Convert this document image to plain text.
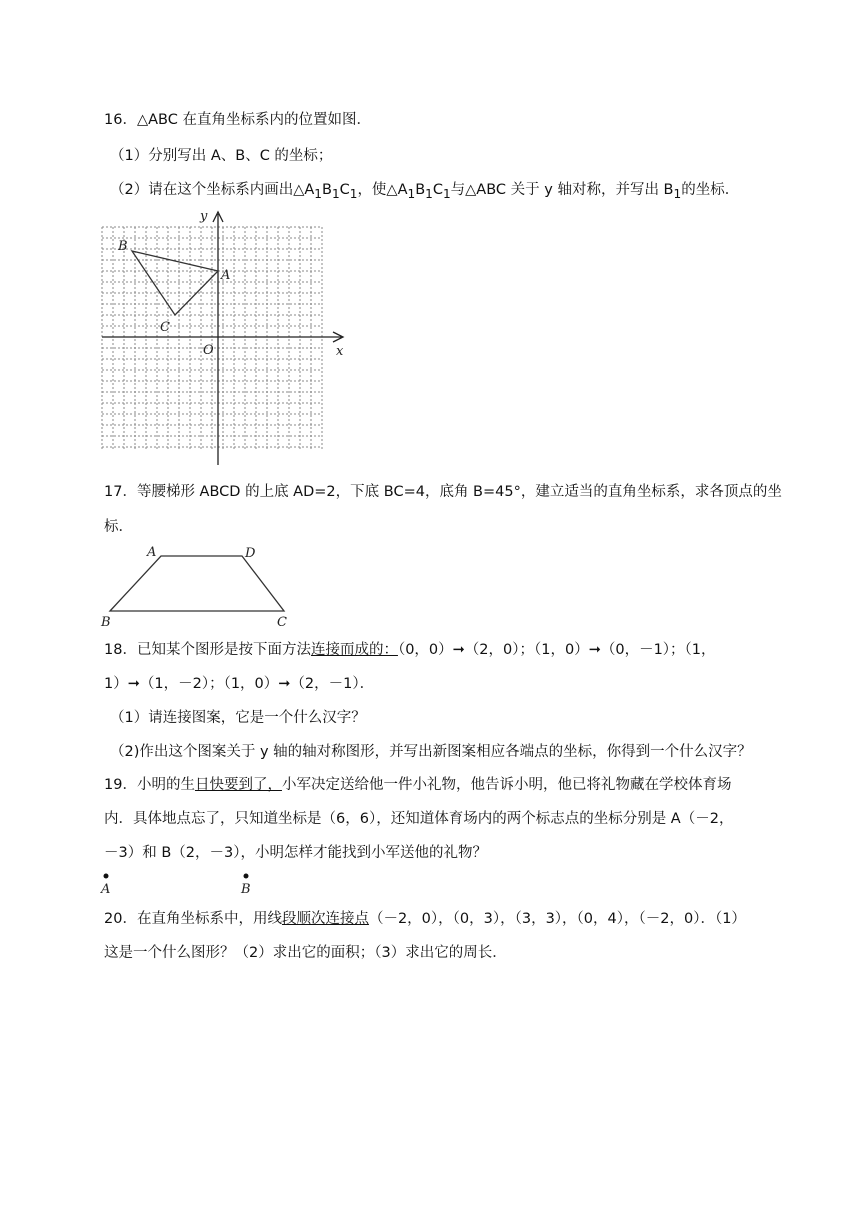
16．△ABC 在直角坐标系内的位置如图．
（1）分别写出 A、B、C 的坐标；
（2）请在这个坐标系内画出$\triangle A_1B_1C_1$，使$\triangle A_1B_1C_1$与△ABC 关于 y 轴对称，并写出 $B_1$的坐标．
y
x
O
A
B
C
17．等腰梯形 ABCD 的上底 AD=2，下底 BC=4，底角 B=45°，建立适当的直角坐标系，求各顶点的坐
标．
A	D
B	C
18．已知某个图形是按下面方法连接而成的：（0，0）➞（2，0）；（1，0）➞（0，－1）；（1，
1）➞（1，－2）；（1，0）➞（2，－1）．
（1）请连接图案，它是一个什么汉字？
（2)作出这个图案关于 y 轴的轴对称图形，并写出新图案相应各端点的坐标，你得到一个什么汉字？
19．小明的生日快要到了，小军决定送给他一件小礼物，他告诉小明，他已将礼物藏在学校体育场
内．具体地点忘了，只知道坐标是（6，6），还知道体育场内的两个标志点的坐标分别是 A（－2，
－3）和 B（2，－3），小明怎样才能找到小军送他的礼物？
A	B
20．在直角坐标系中，用线段顺次连接点（－2，0），（0，3），（3，3），（0，4），（－2，0）．（1）
这是一个什么图形？（2）求出它的面积；（3）求出它的周长．
